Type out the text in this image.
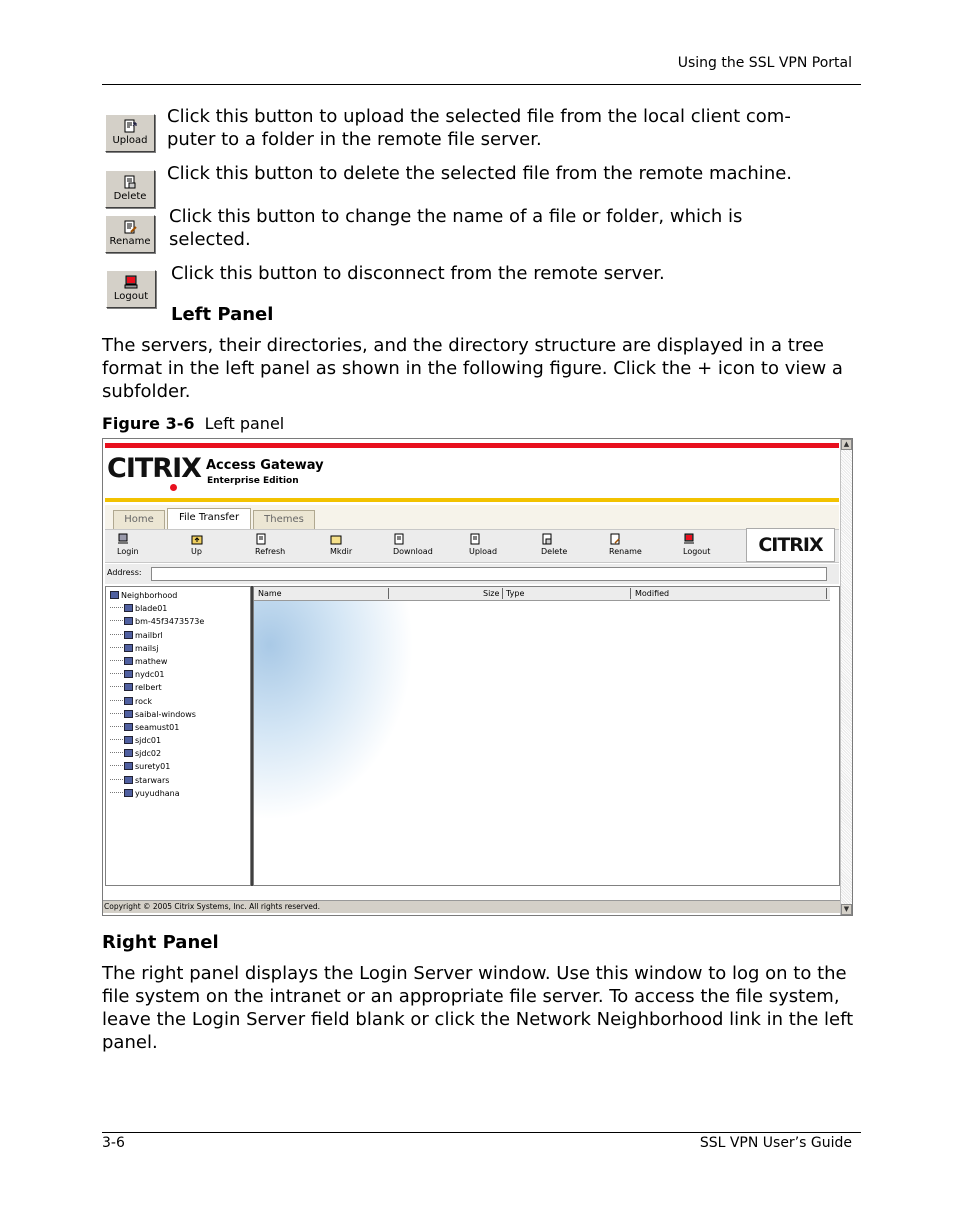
Using the SSL VPN Portal
Upload
Click this button to upload the selected file from the local client com- puter to a folder in the remote file server.
Delete
Click this button to delete the selected file from the remote machine.
Rename
Click this button to change the name of a file or folder, which is selected.
Logout
Click this button to disconnect from the remote server.
Left Panel
The servers, their directories, and the directory structure are displayed in a tree format in the left panel as shown in the following figure. Click the + icon to view a subfolder.
Figure 3-6 Left panel
CITRIX Access Gateway
Enterprise Edition
Home	File Transfer	Themes
Login	Up	Refresh	Mkdir	Download	Upload	Delete	Rename	Logout	CITRIX
Address:
Neighborhood
blade01
bm-45f3473573e
mailbrl
mailsj
mathew
nydc01
relbert
rock
saibal-windows
seamust01
sjdc01
sjdc02
surety01
starwars
yuyudhana
Name	Size Type	Modified
Copyright © 2005 Citrix Systems, Inc. All rights reserved.
▲
▼
Right Panel
The right panel displays the Login Server window. Use this window to log on to the file system on the intranet or an appropriate file server. To access the file system, leave the Login Server field blank or click the Network Neighborhood link in the left panel.
3-6	SSL VPN User’s Guide
